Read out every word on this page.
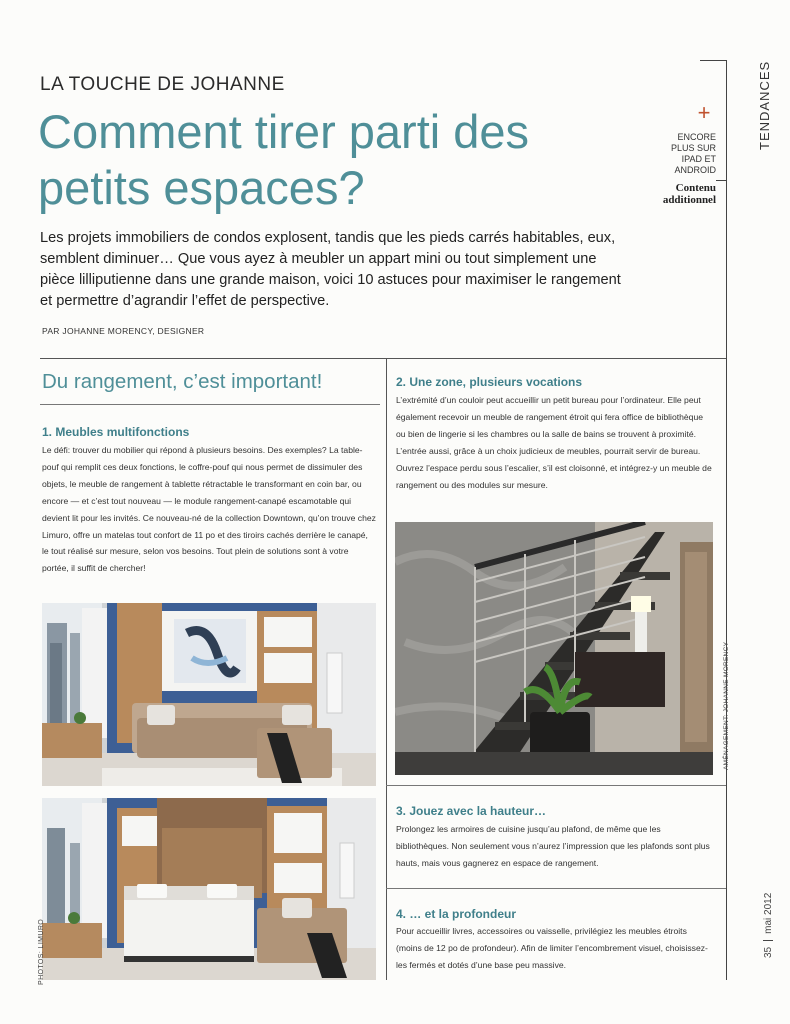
LA TOUCHE DE JOHANNE
Comment tirer parti des petits espaces?
+
ENCORE
PLUS SUR
IPAD ET
ANDROID
Contenu
additionnel
TENDANCES
35mai 2012

Les projets immobiliers de condos explosent, tandis que les pieds carrés habitables, eux, semblent diminuer… Que vous ayez à meubler un appart mini ou tout simplement une pièce lilliputienne dans une grande maison, voici 10 astuces pour maximiser le rangement et permettre d’agrandir l’effet de perspective.

PAR JOHANNE MORENCY, DESIGNER
Du rangement, c’est important!
1. Meubles multifonctions

Le défi: trouver du mobilier qui répond à plusieurs besoins. Des exemples? La table-pouf qui remplit ces deux fonctions, le coffre-pouf qui nous permet de dissimuler des objets, le meuble de rangement à tablette rétractable le transformant en coin bar, ou encore — et c’est tout nouveau — le module rangement-canapé escamotable qui devient lit pour les invités. Ce nouveau-né de la collection Downtown, qu’on trouve chez Limuro, offre un matelas tout confort de 11 po et des tiroirs cachés derrière le canapé, le tout réalisé sur mesure, selon vos besoins. Tout plein de solutions sont à votre portée, il suffit de chercher!

PHOTOS: LIMURO
2. Une zone, plusieurs vocations

L’extrémité d’un couloir peut accueillir un petit bureau pour l’ordinateur. Elle peut également recevoir un meuble de rangement étroit qui fera office de bibliothèque ou bien de lingerie si les chambres ou la salle de bains se trouvent à proximité. L’entrée aussi, grâce à un choix judicieux de meubles, pourrait servir de bureau. Ouvrez l’espace perdu sous l’escalier, s’il est cloisonné, et intégrez-y un meuble de rangement ou des modules sur mesure.

AMÉNAGEMENT: JOHANNE MORENCY
3. Jouez avec la hauteur…

Prolongez les armoires de cuisine jusqu’au plafond, de même que les bibliothèques. Non seulement vous n’aurez l’impression que les plafonds sont plus hauts, mais vous gagnerez en espace de rangement.

4. … et la profondeur

Pour accueillir livres, accessoires ou vaisselle, privilégiez les meubles étroits (moins de 12 po de profondeur). Afin de limiter l’encombrement visuel, choisissez-les fermés et dotés d’une base peu massive.
